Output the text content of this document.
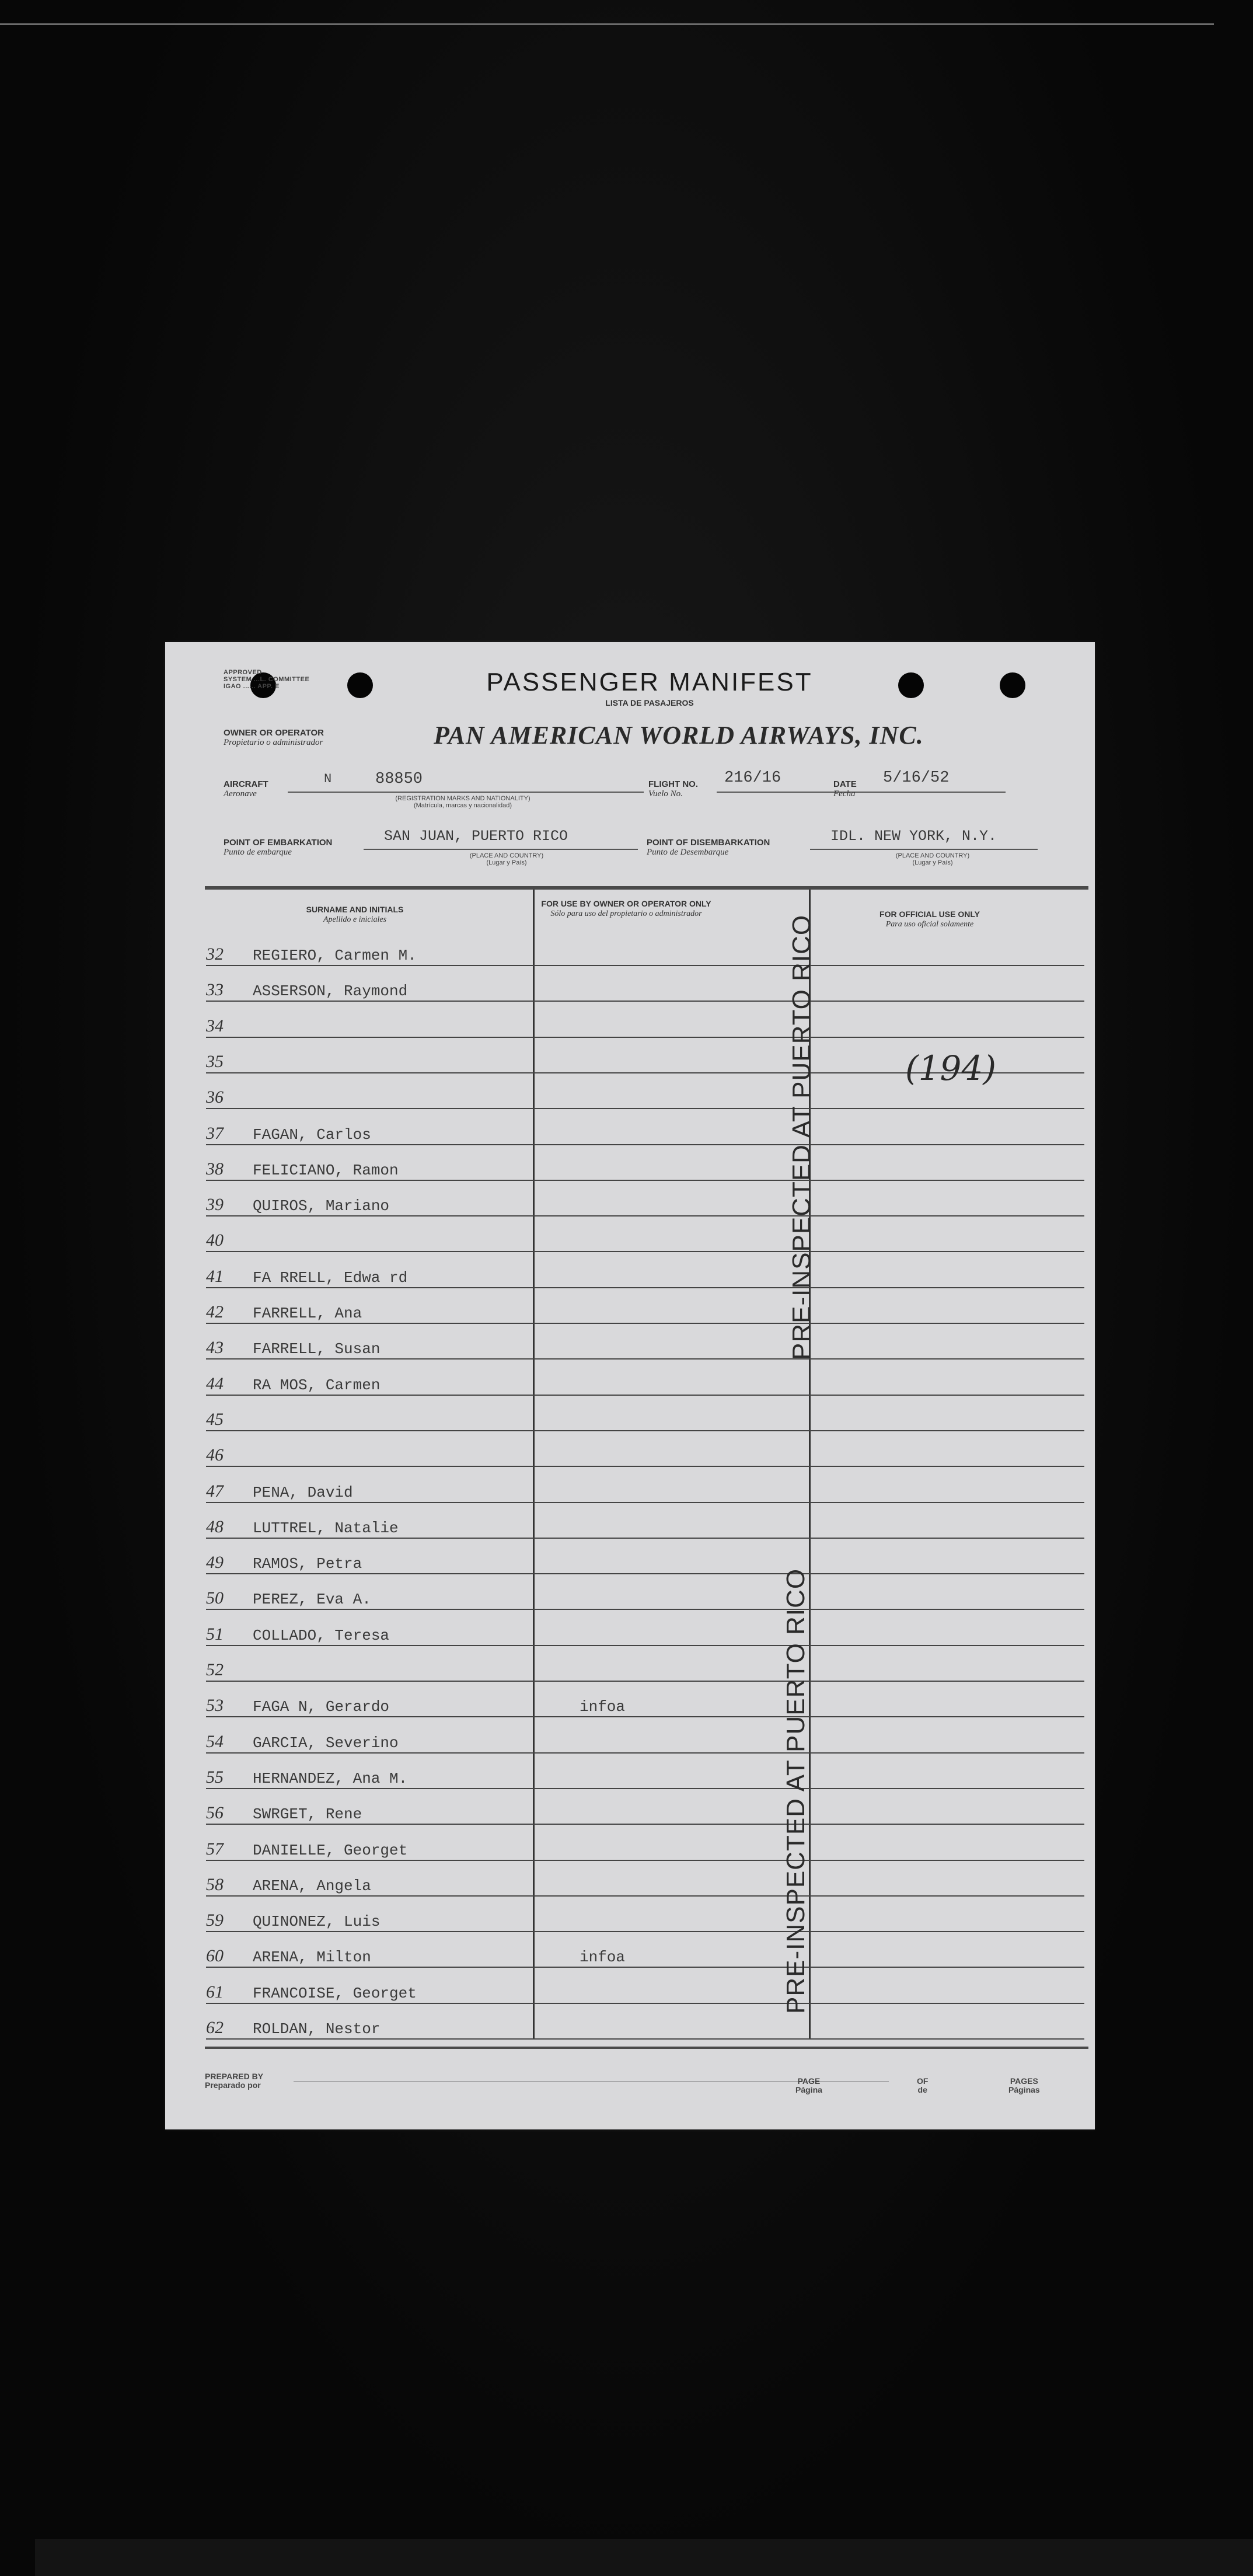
APPROVED
SYSTEM ...L. COMMITTEE
IGAO ...... APP. E	PASSENGER MANIFEST
LISTA DE PASAJEROS
OWNER OR OPERATOR
Propietario o administrador	PAN AMERICAN WORLD AIRWAYS, INC.
AIRCRAFT
Aeronave
N	88850
(REGISTRATION MARKS AND NATIONALITY)
(Matrícula, marcas y nacionalidad)
FLIGHT NO.
Vuelo No.
216/16	DATE
Fecha
5/16/52
POINT OF EMBARKATION
Punto de embarque
SAN JUAN, PUERTO RICO
(PLACE AND COUNTRY)
(Lugar y País)
POINT OF DISEMBARKATION
Punto de Desembarque
IDL. NEW YORK, N.Y.
(PLACE AND COUNTRY)
(Lugar y País)
SURNAME AND INITIALS
Apellido e iniciales
FOR USE BY OWNER OR OPERATOR ONLY
Sólo para uso del propietario o administrador	FOR OFFICIAL USE ONLY
Para uso oficial solamente
32	REGIERO, Carmen M.
33	ASSERSON, Raymond
34
35
36
37	FAGAN, Carlos
38	FELICIANO, Ramon
39	QUIROS, Mariano
40
41	FA RRELL, Edwa rd
42	FARRELL, Ana
43	FARRELL, Susan
44	RA MOS, Carmen
45
46
47	PENA, David
48	LUTTREL, Natalie
49	RAMOS, Petra
50	PEREZ, Eva A.
51	COLLADO, Teresa
52
53	FAGA N, Gerardo	infoa
54	GARCIA, Severino
55	HERNANDEZ, Ana M.
56	SWRGET, Rene
57	DANIELLE, Georget
58	ARENA, Angela
59	QUINONEZ, Luis
60	ARENA, Milton	infoa
61	FRANCOISE, Georget
62	ROLDAN, Nestor
PRE-INSPECTED AT PUERTO RICO
PRE-INSPECTED AT PUERTO RICO
(194)
PREPARED BY
Preparado por	PAGE
Página
OF
de
PAGES
Páginas
